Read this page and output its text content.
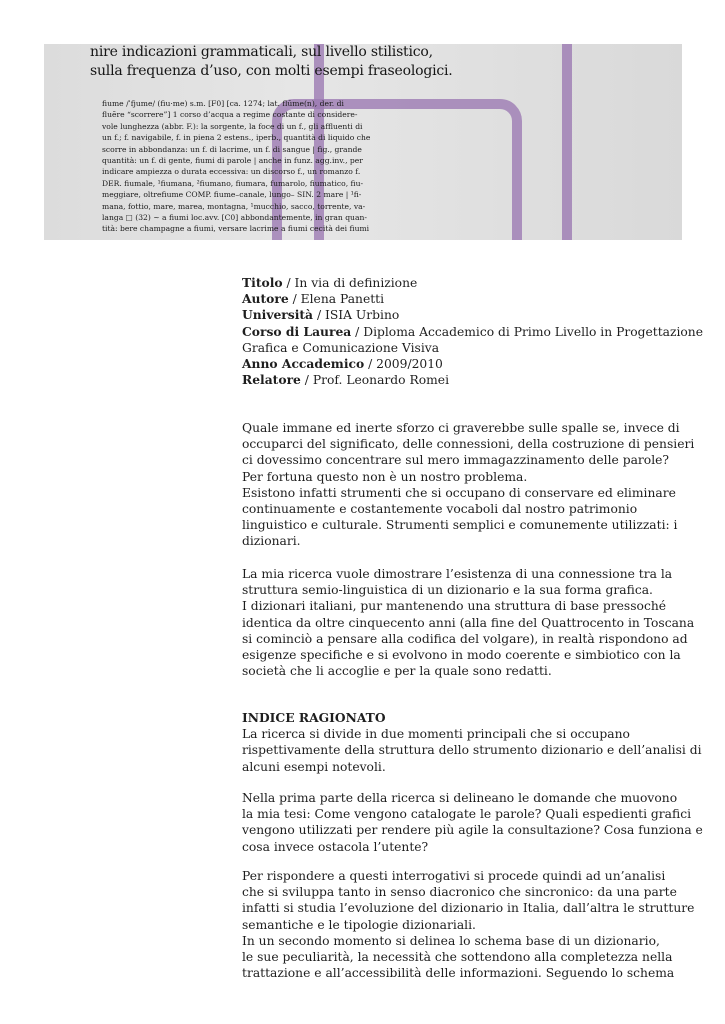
nire indicazioni grammaticali, sul livello stilistico,
sulla frequenza d’uso, con molti esempi fraseologici.
fiume /ˈfjume/ (fiu·me) s.m. [F0] [ca. 1274; lat. flūme(n), der. di
fluĕre “scorrere”] 1 corso d’acqua a regime costante di considere-
vole lunghezza (abbr. F.): la sorgente, la foce di un f., gli affluenti di
un f.; f. navigabile, f. in piena 2 estens., iperb., quantità di liquido che
scorre in abbondanza: un f. di lacrime, un f. di sangue | fig., grande
quantità: un f. di gente, fiumi di parole | anche in funz. agg.inv., per
indicare ampiezza o durata eccessiva: un discorso f., un romanzo f.
DER. fiumale, ¹fiumana, ²fiumano, fiumara, fumarolo, fiumatico, fiu-
meggiare, oltrefiume COMP. fiume–canale, lungo– SIN. 2 mare | ¹fi-
mana, fottio, mare, marea, montagna, ¹mucchio, sacco, torrente, va-
langa □ (32) ~ a fiumi loc.avv. [C0] abbondantemente, in gran quan-
tità: bere champagne a fiumi, versare lacrime a fiumi cecità dei fiumi
Titolo / In via di definizione
Autore / Elena Panetti
Università / ISIA Urbino
Corso di Laurea / Diploma Accademico di Primo Livello in Progettazione
Grafica e Comunicazione Visiva
Anno Accademico / 2009/2010
Relatore / Prof. Leonardo Romei
Quale immane ed inerte sforzo ci graverebbe sulle spalle se, invece di
occuparci del significato, delle connessioni, della costruzione di pensieri
ci dovessimo concentrare sul mero immagazzinamento delle parole?
Per fortuna questo non è un nostro problema.
Esistono infatti strumenti che si occupano di conservare ed eliminare
continuamente e costantemente vocaboli dal nostro patrimonio
linguistico e culturale. Strumenti semplici e comunemente utilizzati: i
dizionari.
La mia ricerca vuole dimostrare l’esistenza di una connessione tra la
struttura semio-linguistica di un dizionario e la sua forma grafica.
I dizionari italiani, pur mantenendo una struttura di base pressoché
identica da oltre cinquecento anni (alla fine del Quattrocento in Toscana
si cominciò a pensare alla codifica del volgare), in realtà rispondono ad
esigenze specifiche e si evolvono in modo coerente e simbiotico con la
società che li accoglie e per la quale sono redatti.
INDICE RAGIONATO
La ricerca si divide in due momenti principali che si occupano
rispettivamente della struttura dello strumento dizionario e dell’analisi di
alcuni esempi notevoli.
Nella prima parte della ricerca si delineano le domande che muovono
la mia tesi: Come vengono catalogate le parole? Quali espedienti grafici
vengono utilizzati per rendere più agile la consultazione? Cosa funziona e
cosa invece ostacola l’utente?
Per rispondere a questi interrogativi si procede quindi ad un’analisi
che si sviluppa tanto in senso diacronico che sincronico: da una parte
infatti si studia l’evoluzione del dizionario in Italia, dall’altra le strutture
semantiche e le tipologie dizionariali.
In un secondo momento si delinea lo schema base di un dizionario,
le sue peculiarità, la necessità che sottendono alla completezza nella
trattazione e all’accessibilità delle informazioni. Seguendo lo schema
